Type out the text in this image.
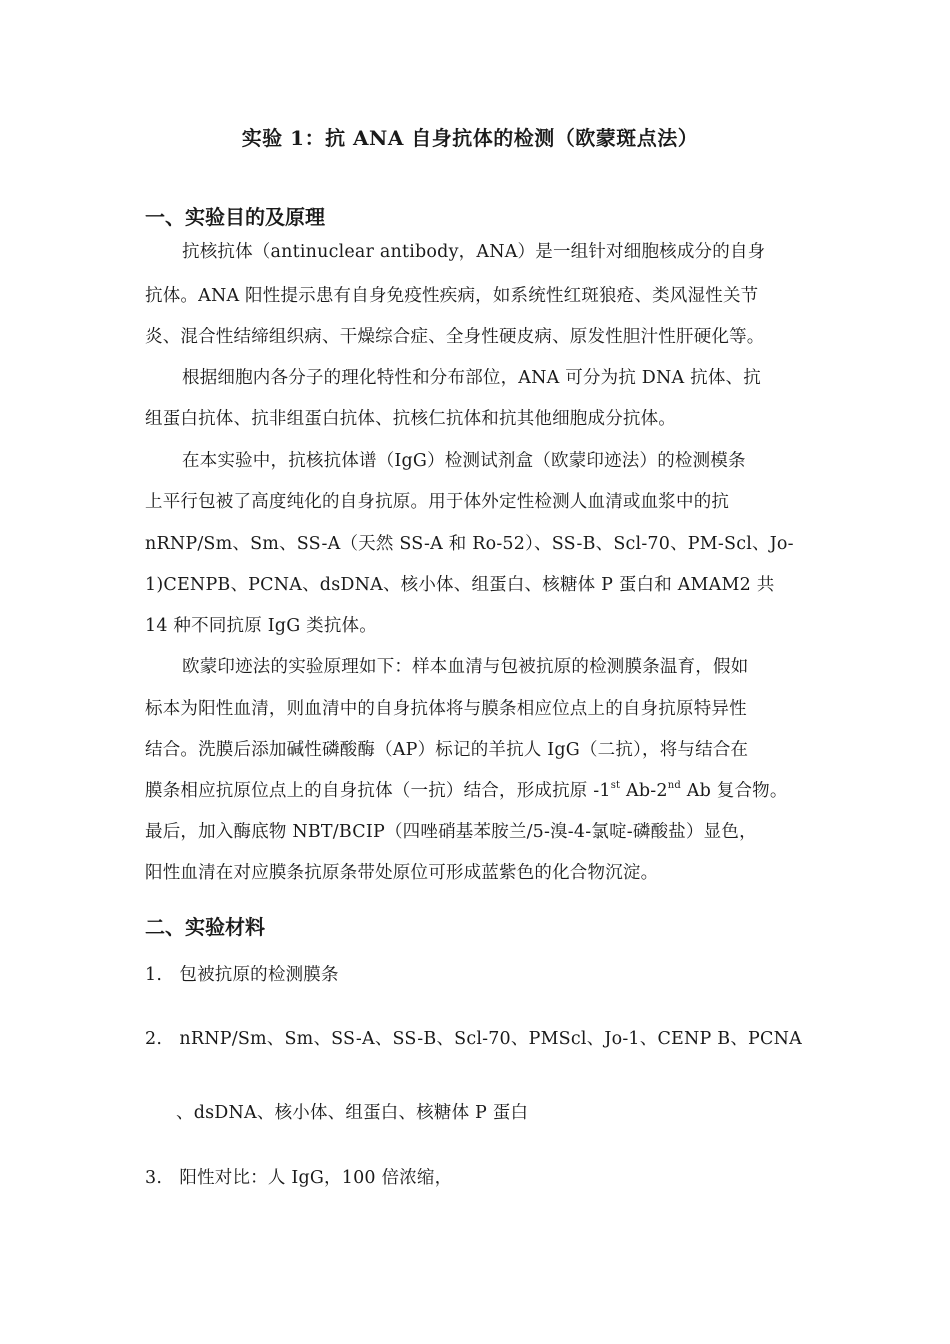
实验 1：抗 ANA 自身抗体的检测（欧蒙斑点法）
一、实验目的及原理
抗核抗体（antinuclear antibody，ANA）是一组针对细胞核成分的自身
抗体。ANA 阳性提示患有自身免疫性疾病，如系统性红斑狼疮、类风湿性关节
炎、混合性结缔组织病、干燥综合症、全身性硬皮病、原发性胆汁性肝硬化等。
根据细胞内各分子的理化特性和分布部位，ANA 可分为抗 DNA 抗体、抗
组蛋白抗体、抗非组蛋白抗体、抗核仁抗体和抗其他细胞成分抗体。
在本实验中，抗核抗体谱（IgG）检测试剂盒（欧蒙印迹法）的检测模条
上平行包被了高度纯化的自身抗原。用于体外定性检测人血清或血浆中的抗
nRNP/Sm、Sm、SS-A（天然 SS-A 和 Ro-52）、SS-B、Scl-70、PM-Scl、Jo-
1)CENPB、PCNA、dsDNA、核小体、组蛋白、核糖体 P 蛋白和 AMAM2 共
14 种不同抗原 IgG 类抗体。
欧蒙印迹法的实验原理如下：样本血清与包被抗原的检测膜条温育，假如
标本为阳性血清，则血清中的自身抗体将与膜条相应位点上的自身抗原特异性
结合。洗膜后添加碱性磷酸酶（AP）标记的羊抗人 IgG（二抗），将与结合在
膜条相应抗原位点上的自身抗体（一抗）结合，形成抗原 -1st Ab-2nd Ab 复合物。
最后，加入酶底物 NBT/BCIP（四唑硝基苯胺兰/5-溴-4-氯啶-磷酸盐）显色，
阳性血清在对应膜条抗原条带处原位可形成蓝紫色的化合物沉淀。
二、实验材料
1.   包被抗原的检测膜条
2.   nRNP/Sm、Sm、SS-A、SS-B、Scl-70、PMScl、Jo-1、CENP B、PCNA
、dsDNA、核小体、组蛋白、核糖体 P 蛋白
3.   阳性对比：人 IgG，100 倍浓缩，
